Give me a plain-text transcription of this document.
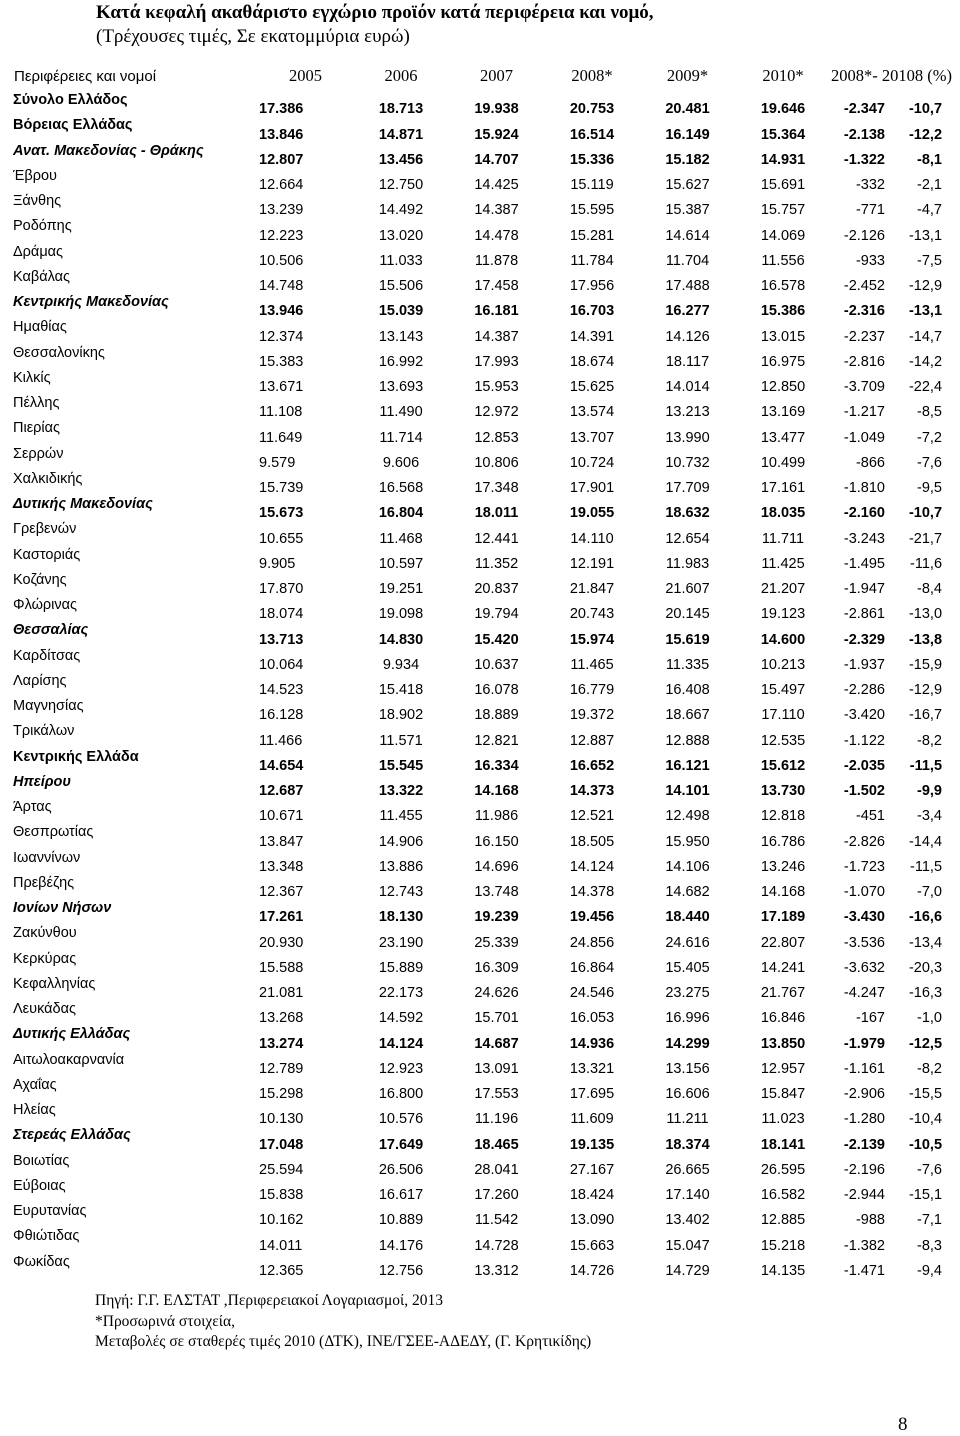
Κατά κεφαλή ακαθάριστο εγχώριο προϊόν κατά περιφέρεια και νομό,
(Τρέχουσες τιμές, Σε εκατομμύρια ευρώ)
Περιφέρειες και νομοί	2005	2006	2007	2008*	2009*	2010*	2008*- 20108 (%)	
Σύνολο Ελλάδος	17.386	18.713	19.938	20.753	20.481	19.646	-2.347	-10,7
Βόρειας Ελλάδας	13.846	14.871	15.924	16.514	16.149	15.364	-2.138	-12,2
Ανατ. Μακεδονίας - Θράκης	12.807	13.456	14.707	15.336	15.182	14.931	-1.322	-8,1
Έβρου	12.664	12.750	14.425	15.119	15.627	15.691	-332	-2,1
Ξάνθης	13.239	14.492	14.387	15.595	15.387	15.757	-771	-4,7
Ροδόπης	12.223	13.020	14.478	15.281	14.614	14.069	-2.126	-13,1
Δράμας	10.506	11.033	11.878	11.784	11.704	11.556	-933	-7,5
Καβάλας	14.748	15.506	17.458	17.956	17.488	16.578	-2.452	-12,9
Κεντρικής Μακεδονίας	13.946	15.039	16.181	16.703	16.277	15.386	-2.316	-13,1
Ημαθίας	12.374	13.143	14.387	14.391	14.126	13.015	-2.237	-14,7
Θεσσαλονίκης	15.383	16.992	17.993	18.674	18.117	16.975	-2.816	-14,2
Κιλκίς	13.671	13.693	15.953	15.625	14.014	12.850	-3.709	-22,4
Πέλλης	11.108	11.490	12.972	13.574	13.213	13.169	-1.217	-8,5
Πιερίας	11.649	11.714	12.853	13.707	13.990	13.477	-1.049	-7,2
Σερρών	9.579	9.606	10.806	10.724	10.732	10.499	-866	-7,6
Χαλκιδικής	15.739	16.568	17.348	17.901	17.709	17.161	-1.810	-9,5
Δυτικής Μακεδονίας	15.673	16.804	18.011	19.055	18.632	18.035	-2.160	-10,7
Γρεβενών	10.655	11.468	12.441	14.110	12.654	11.711	-3.243	-21,7
Καστοριάς	9.905	10.597	11.352	12.191	11.983	11.425	-1.495	-11,6
Κοζάνης	17.870	19.251	20.837	21.847	21.607	21.207	-1.947	-8,4
Φλώρινας	18.074	19.098	19.794	20.743	20.145	19.123	-2.861	-13,0
Θεσσαλίας	13.713	14.830	15.420	15.974	15.619	14.600	-2.329	-13,8
Καρδίτσας	10.064	9.934	10.637	11.465	11.335	10.213	-1.937	-15,9
Λαρίσης	14.523	15.418	16.078	16.779	16.408	15.497	-2.286	-12,9
Μαγνησίας	16.128	18.902	18.889	19.372	18.667	17.110	-3.420	-16,7
Τρικάλων	11.466	11.571	12.821	12.887	12.888	12.535	-1.122	-8,2
Κεντρικής Ελλάδα	14.654	15.545	16.334	16.652	16.121	15.612	-2.035	-11,5
Ηπείρου	12.687	13.322	14.168	14.373	14.101	13.730	-1.502	-9,9
Άρτας	10.671	11.455	11.986	12.521	12.498	12.818	-451	-3,4
Θεσπρωτίας	13.847	14.906	16.150	18.505	15.950	16.786	-2.826	-14,4
Ιωαννίνων	13.348	13.886	14.696	14.124	14.106	13.246	-1.723	-11,5
Πρεβέζης	12.367	12.743	13.748	14.378	14.682	14.168	-1.070	-7,0
Ιονίων Νήσων	17.261	18.130	19.239	19.456	18.440	17.189	-3.430	-16,6
Ζακύνθου	20.930	23.190	25.339	24.856	24.616	22.807	-3.536	-13,4
Κερκύρας	15.588	15.889	16.309	16.864	15.405	14.241	-3.632	-20,3
Κεφαλληνίας	21.081	22.173	24.626	24.546	23.275	21.767	-4.247	-16,3
Λευκάδας	13.268	14.592	15.701	16.053	16.996	16.846	-167	-1,0
Δυτικής Ελλάδας	13.274	14.124	14.687	14.936	14.299	13.850	-1.979	-12,5
Αιτωλοακαρνανία	12.789	12.923	13.091	13.321	13.156	12.957	-1.161	-8,2
Αχαΐας	15.298	16.800	17.553	17.695	16.606	15.847	-2.906	-15,5
Ηλείας	10.130	10.576	11.196	11.609	11.211	11.023	-1.280	-10,4
Στερεάς Ελλάδας	17.048	17.649	18.465	19.135	18.374	18.141	-2.139	-10,5
Βοιωτίας	25.594	26.506	28.041	27.167	26.665	26.595	-2.196	-7,6
Εύβοιας	15.838	16.617	17.260	18.424	17.140	16.582	-2.944	-15,1
Ευρυτανίας	10.162	10.889	11.542	13.090	13.402	12.885	-988	-7,1
Φθιώτιδας	14.011	14.176	14.728	15.663	15.047	15.218	-1.382	-8,3
Φωκίδας	12.365	12.756	13.312	14.726	14.729	14.135	-1.471	-9,4
Πηγή: Γ.Γ. ΕΛΣΤΑΤ ,Περιφερειακοί Λογαριασμοί, 2013
*Προσωρινά στοιχεία,
Μεταβολές σε σταθερές τιμές 2010 (ΔΤΚ), ΙΝΕ/ΓΣΕΕ-ΑΔΕΔΥ, (Γ. Κρητικίδης)
8
